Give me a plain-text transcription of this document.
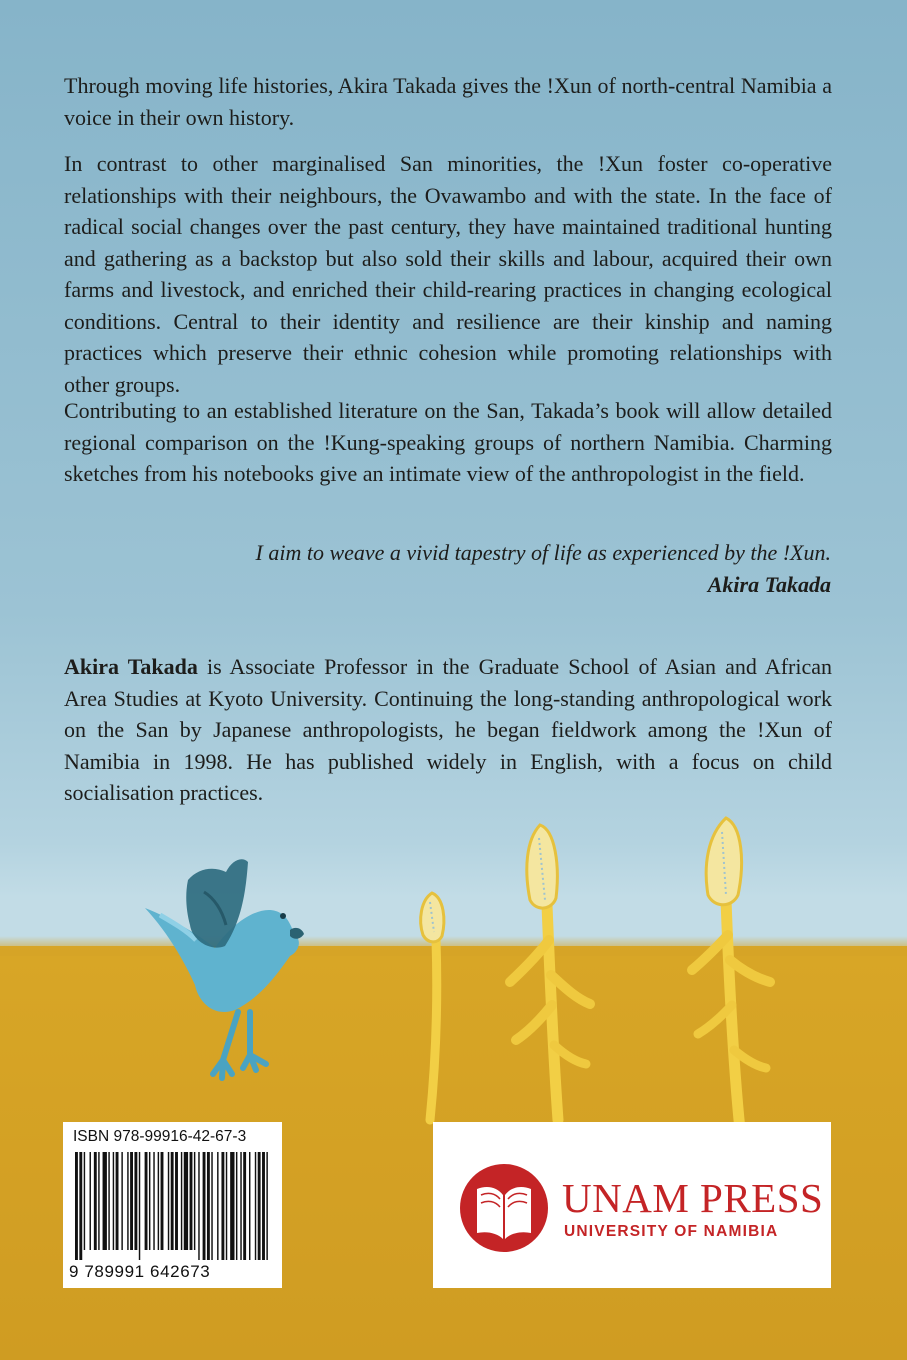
Through moving life histories, Akira Takada gives the !Xun of north-central Namibia a voice in their own history.

In contrast to other marginalised San minorities, the !Xun foster co-operative relationships with their neighbours, the Ovawambo and with the state. In the face of radical social changes over the past century, they have maintained traditional hunting and gathering as a backstop but also sold their skills and labour, acquired their own farms and livestock, and enriched their child-rearing practices in changing ecological conditions. Central to their identity and resilience are their kinship and naming practices which preserve their ethnic cohesion while promoting relationships with other groups.

Contributing to an established literature on the San, Takada’s book will allow detailed regional comparison on the !Kung-speaking groups of northern Namibia. Charming sketches from his notebooks give an intimate view of the anthropologist in the field.

I aim to weave a vivid tapestry of life as experienced by the !Xun.

Akira Takada

Akira Takada is Associate Professor in the Graduate School of Asian and African Area Studies at Kyoto University. Continuing the long-standing anthropological work on the San by Japanese anthropologists, he began fieldwork among the !Xun of Namibia in 1998. He has published widely in English, with a focus on child socialisation practices.

ISBN 978-99916-42-67-3

9 789991 642673

UNAM PRESS

UNIVERSITY OF NAMIBIA
